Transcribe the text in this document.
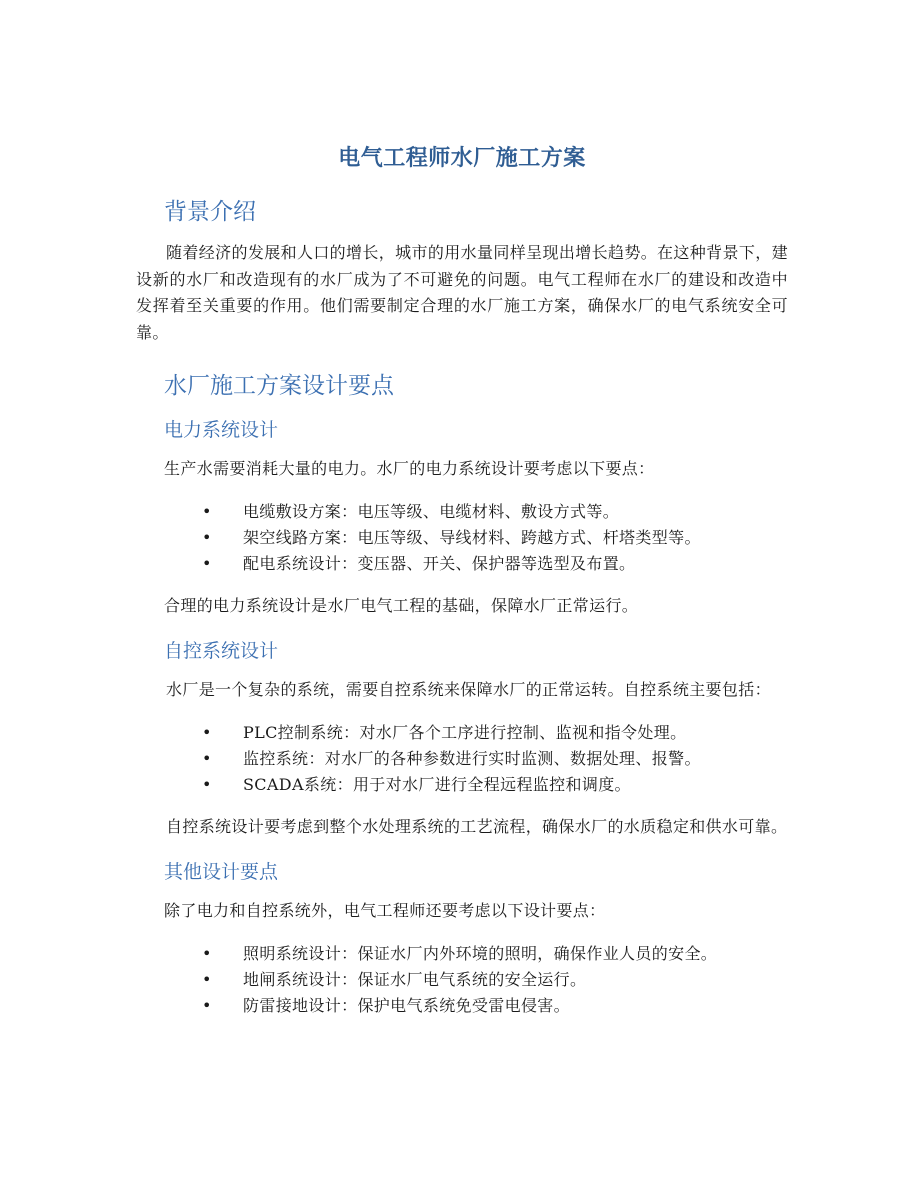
电气工程师水厂施工方案
背景介绍

随着经济的发展和人口的增长，城市的用水量同样呈现出增长趋势。在这种背景下，建设新的水厂和改造现有的水厂成为了不可避免的问题。电气工程师在水厂的建设和改造中发挥着至关重要的作用。他们需要制定合理的水厂施工方案，确保水厂的电气系统安全可靠。

水厂施工方案设计要点
电力系统设计

生产水需要消耗大量的电力。水厂的电力系统设计要考虑以下要点：

• 电缆敷设方案：电压等级、电缆材料、敷设方式等。
• 架空线路方案：电压等级、导线材料、跨越方式、杆塔类型等。
• 配电系统设计：变压器、开关、保护器等选型及布置。

合理的电力系统设计是水厂电气工程的基础，保障水厂正常运行。

自控系统设计

水厂是一个复杂的系统，需要自控系统来保障水厂的正常运转。自控系统主要包括：

• PLC控制系统：对水厂各个工序进行控制、监视和指令处理。
• 监控系统：对水厂的各种参数进行实时监测、数据处理、报警。
• SCADA系统：用于对水厂进行全程远程监控和调度。

自控系统设计要考虑到整个水处理系统的工艺流程，确保水厂的水质稳定和供水可靠。

其他设计要点

除了电力和自控系统外，电气工程师还要考虑以下设计要点：

• 照明系统设计：保证水厂内外环境的照明，确保作业人员的安全。
• 地闸系统设计：保证水厂电气系统的安全运行。
• 防雷接地设计：保护电气系统免受雷电侵害。
